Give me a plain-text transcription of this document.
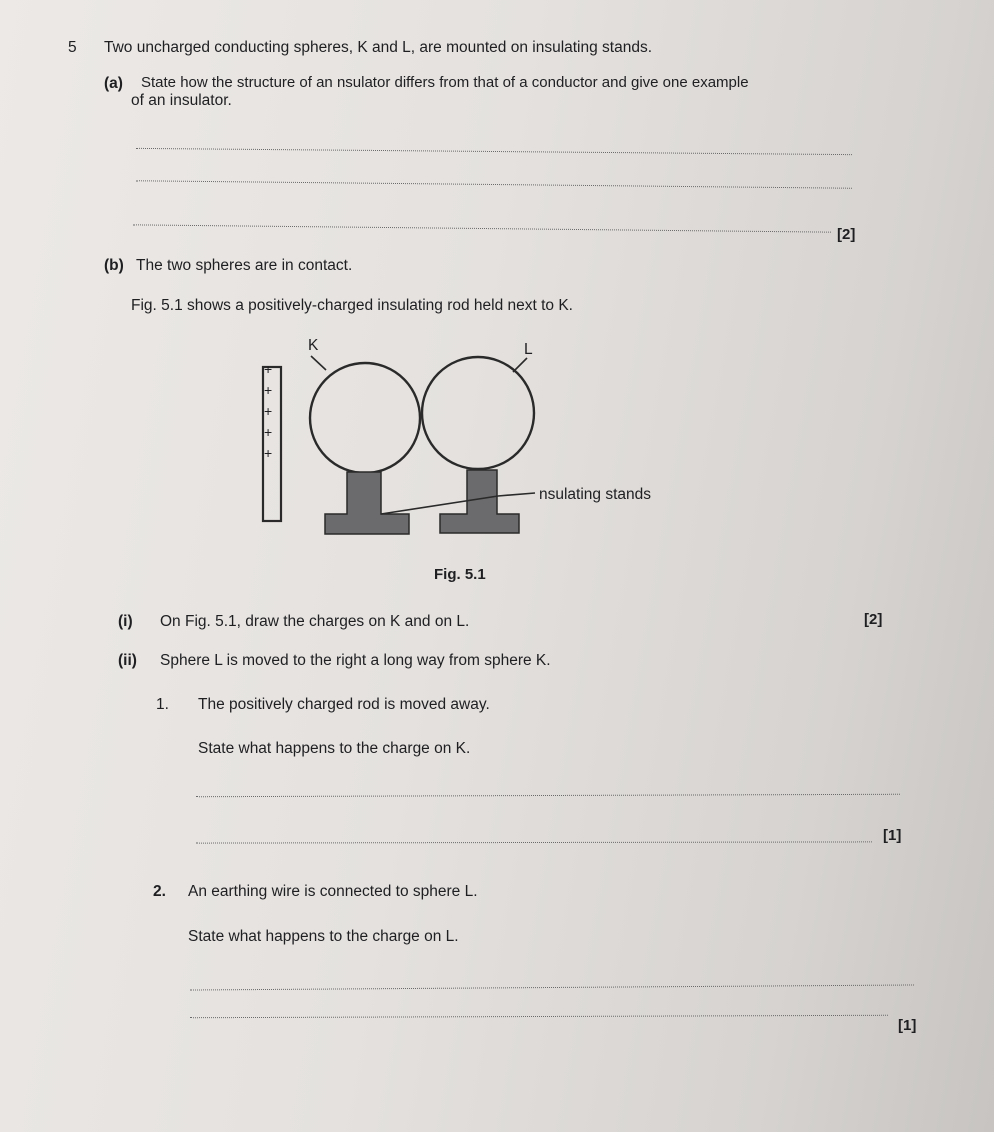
5 Two uncharged conducting spheres, K and L, are mounted on insulating stands.
(a) State how the structure of an nsulator differs from that of a conductor and give one example
of an insulator.
[2]
(b) The two spheres are in contact.
Fig. 5.1 shows a positively-charged insulating rod held next to K.
+
+
+
+
+
K	L
nsulating stands
Fig. 5.1
(i) On Fig. 5.1, draw the charges on K and on L.	[2]
(ii) Sphere L is moved to the right a long way from sphere K.
1. The positively charged rod is moved away.
State what happens to the charge on K.
[1]
2. An earthing wire is connected to sphere L.
State what happens to the charge on L.
[1]
